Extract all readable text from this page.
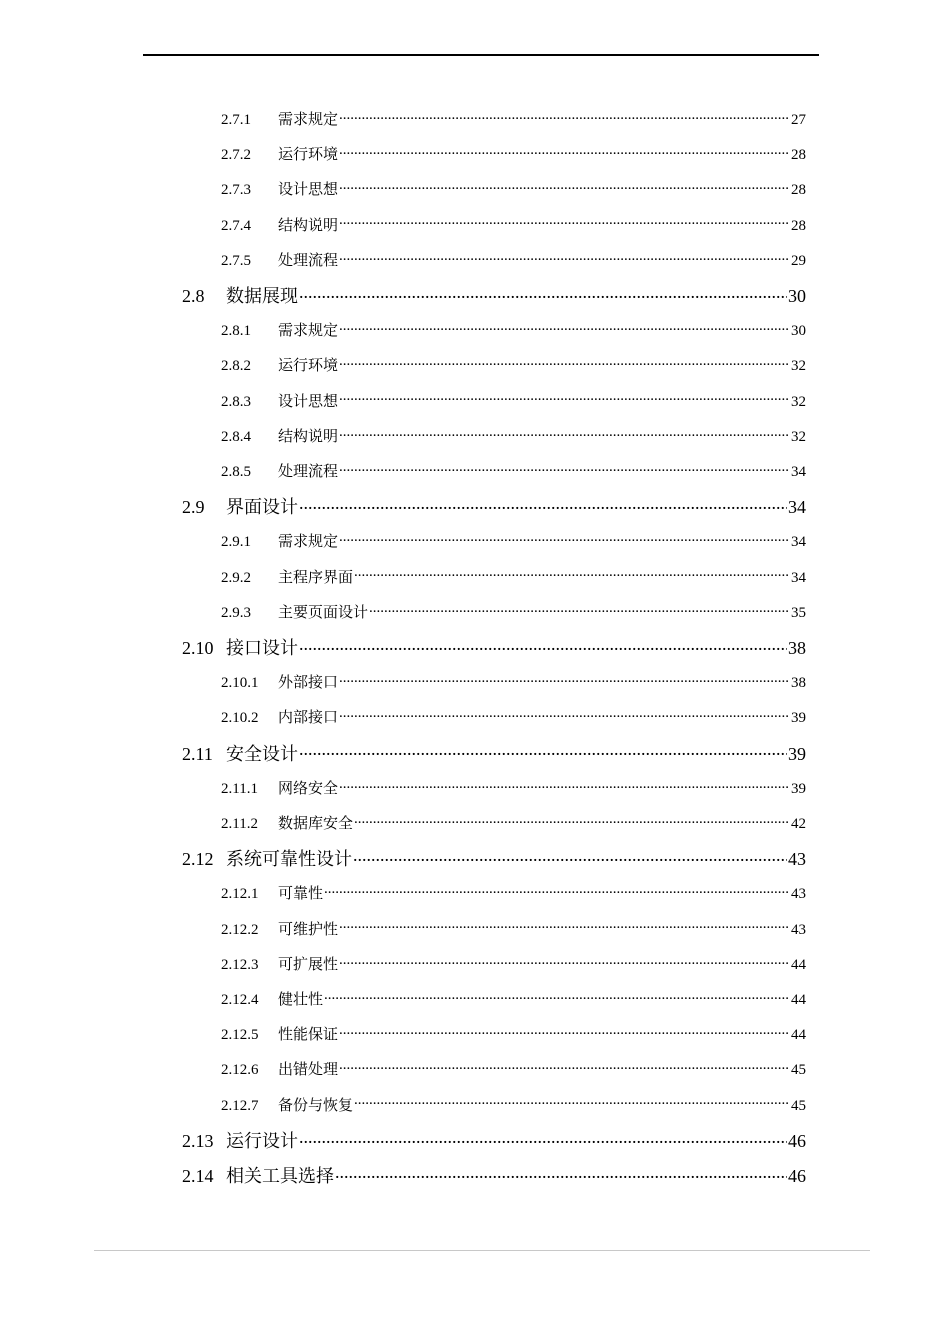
2.7.1	需求规定 .....	27
2.7.2	运行环境 .....	28
2.7.3	设计思想 .....	28
2.7.4	结构说明 .....	28
2.7.5	处理流程 .....	29
2.8	数据展现 .....	30
2.8.1	需求规定 .....	30
2.8.2	运行环境 .....	32
2.8.3	设计思想 .....	32
2.8.4	结构说明 .....	32
2.8.5	处理流程 .....	34
2.9	界面设计 .....	34
2.9.1	需求规定 .....	34
2.9.2	主程序界面 .....	34
2.9.3	主要页面设计 .....	35
2.10 接口设计 .....	38
2.10.1	外部接口 .....	38
2.10.2	内部接口 .....	39
2.11 安全设计 .....	39
2.11.1	网络安全 .....	39
2.11.2	数据库安全 .....	42
2.12 系统可靠性设计 .....	43
2.12.1	可靠性 .....	43
2.12.2	可维护性 .....	43
2.12.3	可扩展性 .....	44
2.12.4	健壮性 .....	44
2.12.5	性能保证 .....	44
2.12.6	出错处理 .....	45
2.12.7	备份与恢复 .....	45
2.13 运行设计 .....	46
2.14 相关工具选择 .....	46
